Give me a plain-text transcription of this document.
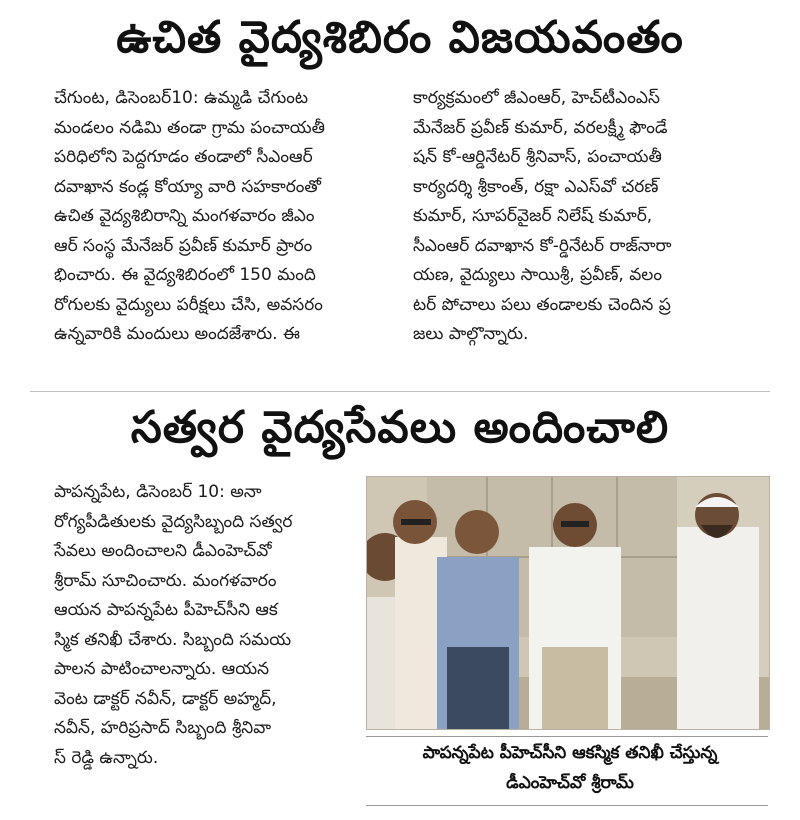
ఉచిత వైద్యశిబిరం విజయవంతం
చేగుంట, డిసెంబర్‌10: ఉమ్మడి చేగుంట
మండలం నడిమి తండా గ్రామ పంచాయతీ
పరిధిలోని పెద్దగూడం తండాలో సీఎంఆర్‌
దవాఖాన కండ్ల కోయ్యా వారి సహకారంతో
ఉచిత వైద్యశిబిరాన్ని మంగళవారం జీఎం
ఆర్‌ సంస్థ మేనేజర్‌ ప్రవీణ్‌ కుమార్‌ ప్రారం
భించారు. ఈ వైద్యశిబిరంలో 150 మంది
రోగులకు వైద్యులు పరీక్షలు చేసి, అవసరం
ఉన్నవారికి మందులు అందజేశారు. ఈ
కార్యక్రమంలో జీఎంఆర్‌, హెచ్‌టీఎంఎస్‌
మేనేజర్‌ ప్రవీణ్‌ కుమార్‌, వరలక్ష్మీ ఫౌండే
షన్‌ కో-ఆర్డినేటర్‌ శ్రీనివాస్‌, పంచాయతీ
కార్యదర్శి శ్రీకాంత్‌, రక్షా ఎఎస్‌వో చరణ్‌
కుమార్‌, సూపర్‌వైజర్‌ నిలేష్‌ కుమార్‌,
సీఎంఆర్‌ దవాఖాన కో-ర్డినేటర్‌ రాజ్‌నారా
యణ, వైద్యులు సాయిశ్రీ, ప్రవీణ్‌, వలం
టర్‌ పోచాలు పలు తండాలకు చెందిన ప్ర
జలు పాల్గొన్నారు.
సత్వర వైద్యసేవలు అందించాలి
పాపన్నపేట, డిసెంబర్‌ 10: అనా
రోగ్యపీడితులకు వైద్యసిబ్బంది సత్వర
సేవలు అందించాలని డీఎంహెచ్‌వో
శ్రీరామ్‌ సూచించారు. మంగళవారం
ఆయన పాపన్నపేట పీహెచ్‌సీని ఆక
స్మిక తనిఖీ చేశారు. సిబ్బంది సమయ
పాలన పాటించాలన్నారు. ఆయన
వెంట డాక్టర్‌ నవీన్‌, డాక్టర్‌ అహ్మద్‌,
నవీన్‌, హరిప్రసాద్‌ సిబ్బంది శ్రీనివా
స్‌ రెడ్డి ఉన్నారు.	పాపన్నపేట పీహెచ్‌సీని ఆకస్మిక తనిఖీ చేస్తున్న
డీఎంహెచ్‌వో శ్రీరామ్‌
